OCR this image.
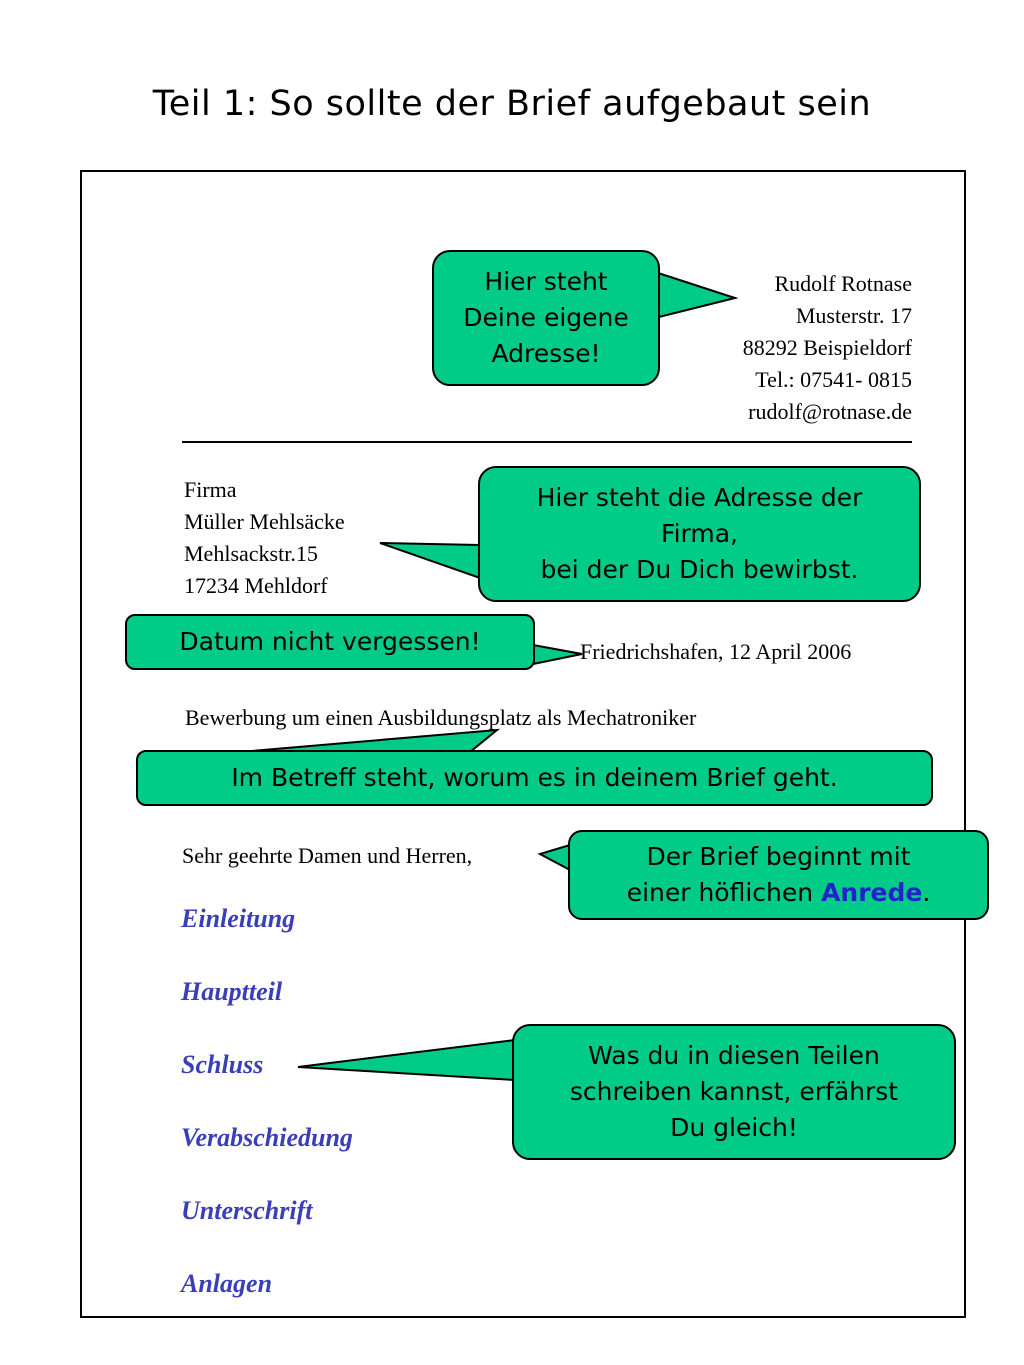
Teil 1: So sollte der Brief aufgebaut sein
Rudolf Rotnase
Musterstr. 17
88292 Beispieldorf
Tel.: 07541- 0815
rudolf@rotnase.de
Firma
Müller Mehlsäcke
Mehlsackstr.15
17234 Mehldorf
Friedrichshafen, 12 April 2006
Bewerbung um einen Ausbildungsplatz als Mechatroniker
Sehr geehrte Damen und Herren,
Einleitung
Hauptteil
Schluss
Verabschiedung
Unterschrift
Anlagen
Hier steht
Deine eigene
Adresse!
Hier steht die Adresse der
Firma,
bei der Du Dich bewirbst.
Datum nicht vergessen!
Im Betreff steht, worum es in deinem Brief geht.
Der Brief beginnt mit
einer höflichen Anrede.
Was du in diesen Teilen
schreiben kannst, erfährst
Du gleich!
